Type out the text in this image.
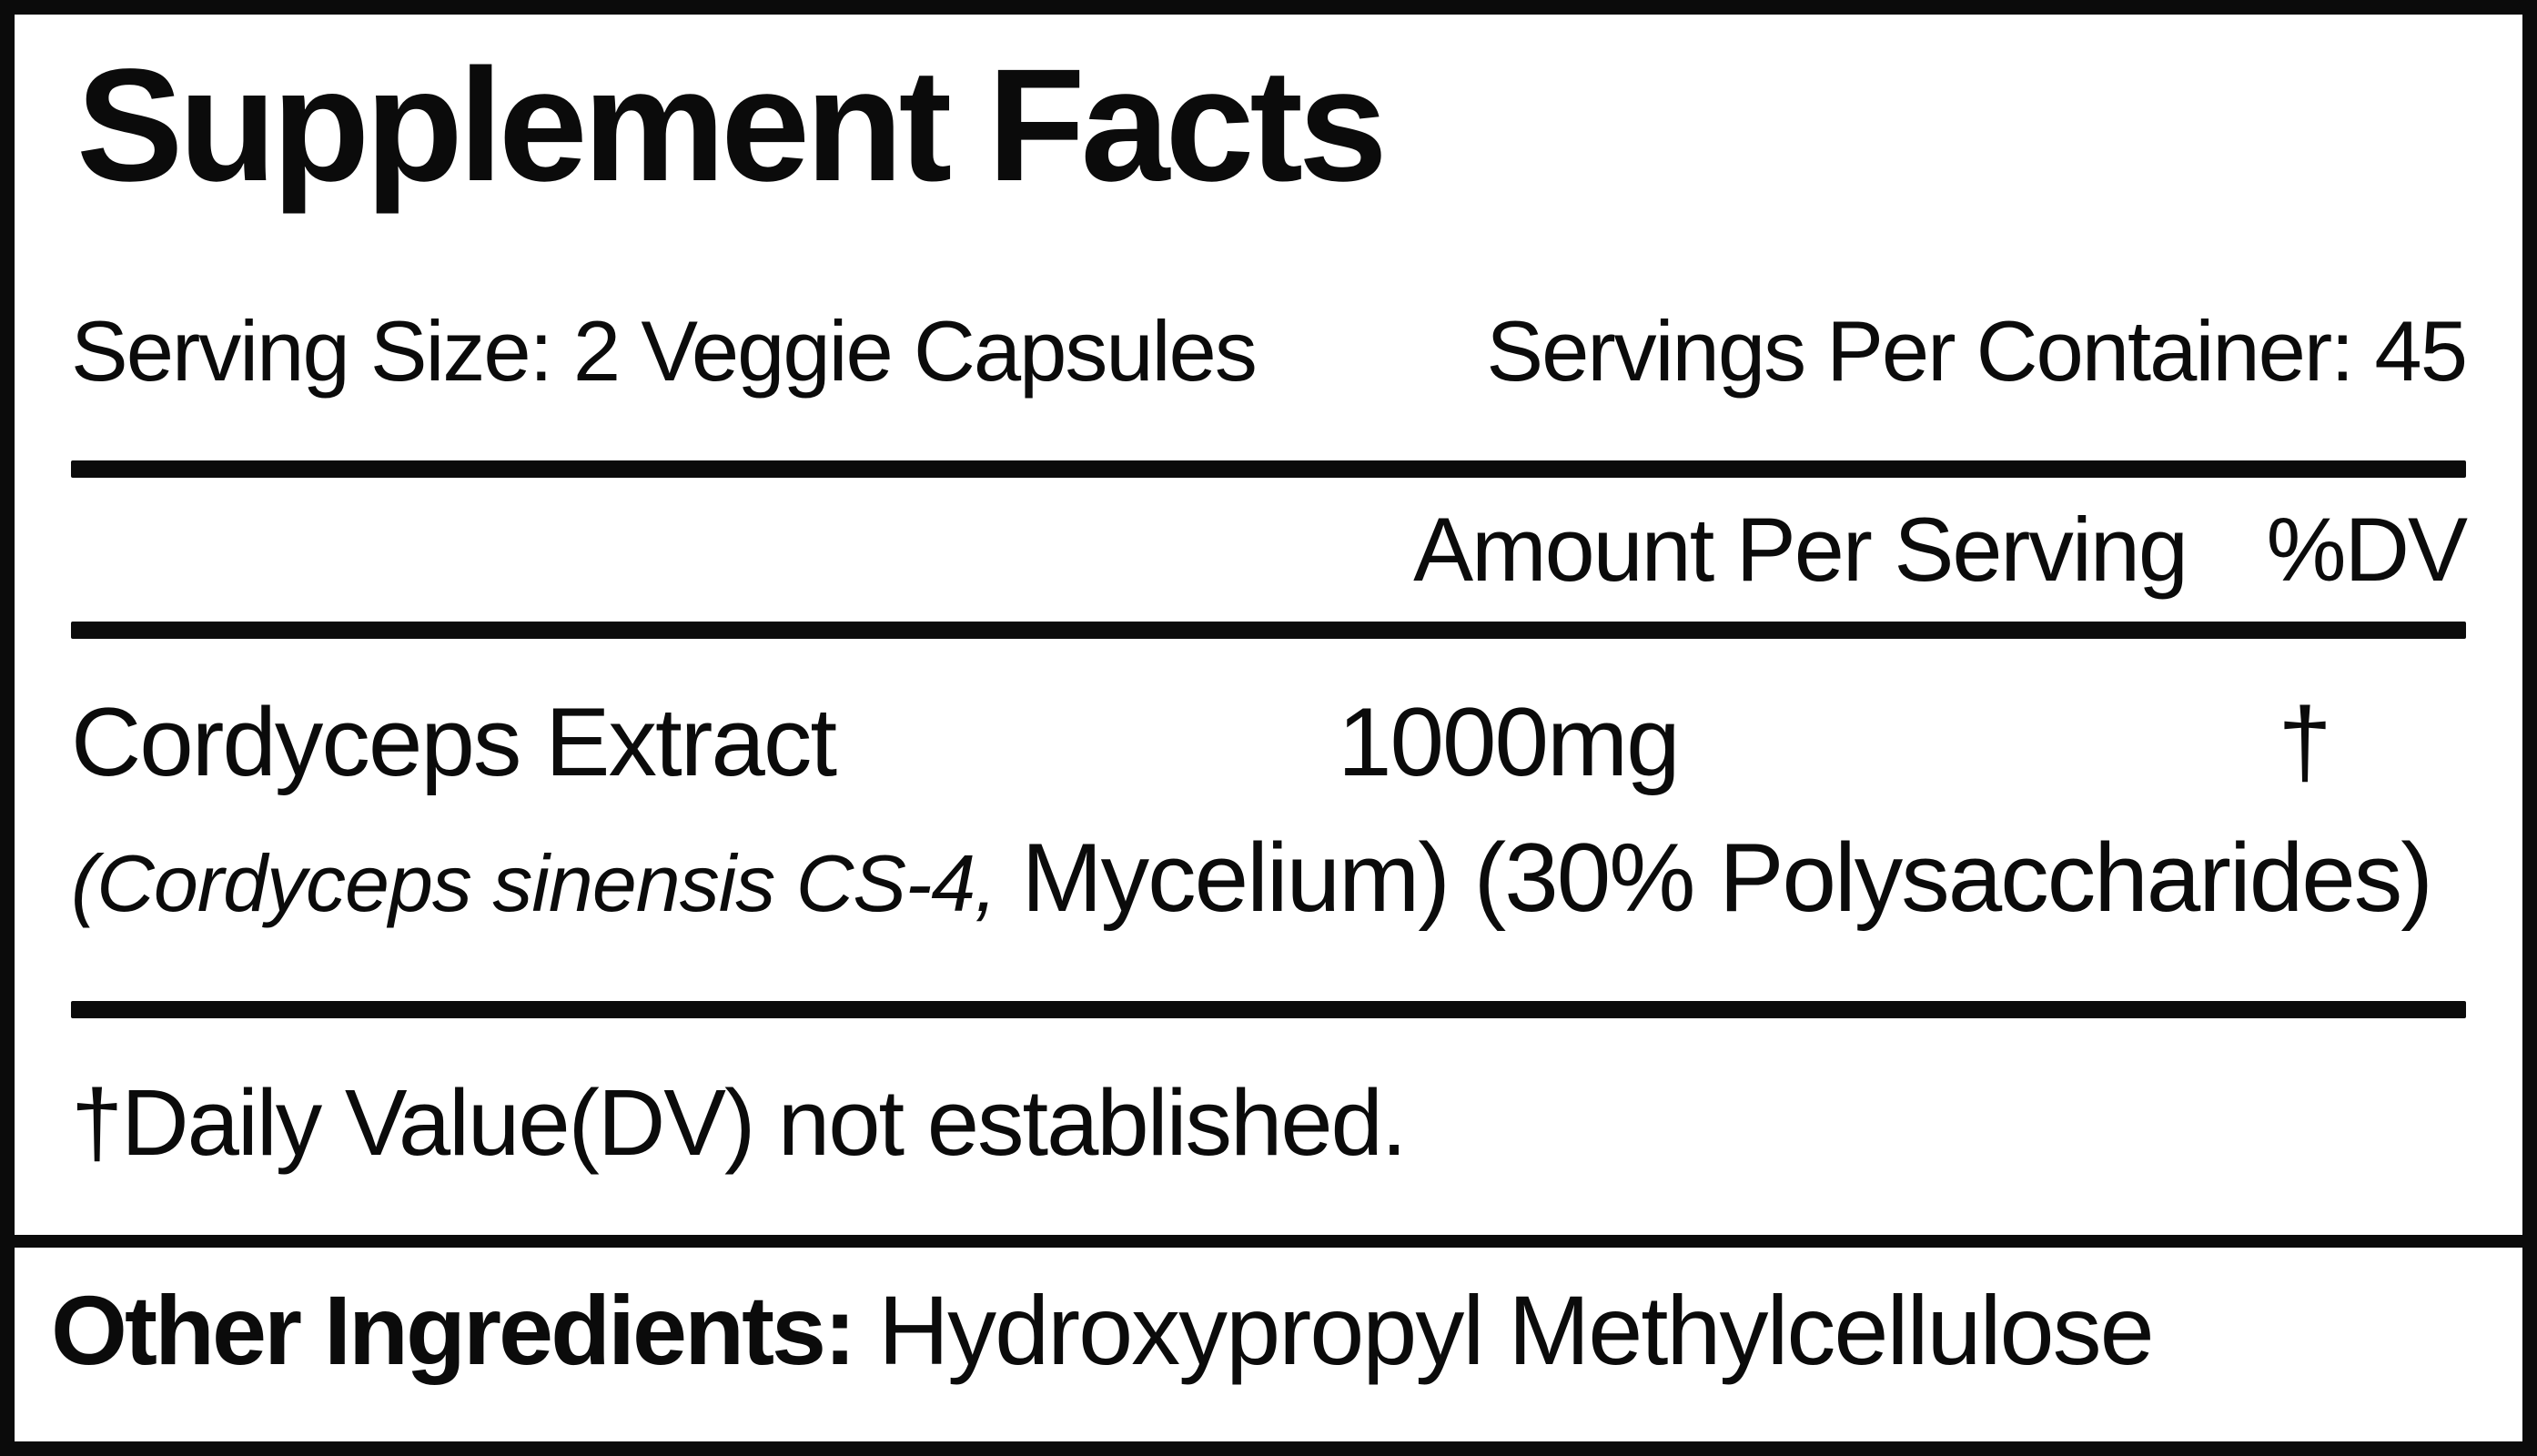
Supplement Facts
Serving Size: 2 Veggie Capsules	Servings Per Container: 45
Amount Per Serving %DV
Cordyceps Extract	1000mg	†
(Cordyceps sinensis CS-4, Mycelium) (30% Polysaccharides)
†Daily Value(DV) not established.
Other Ingredients: Hydroxypropyl Methylcellulose
